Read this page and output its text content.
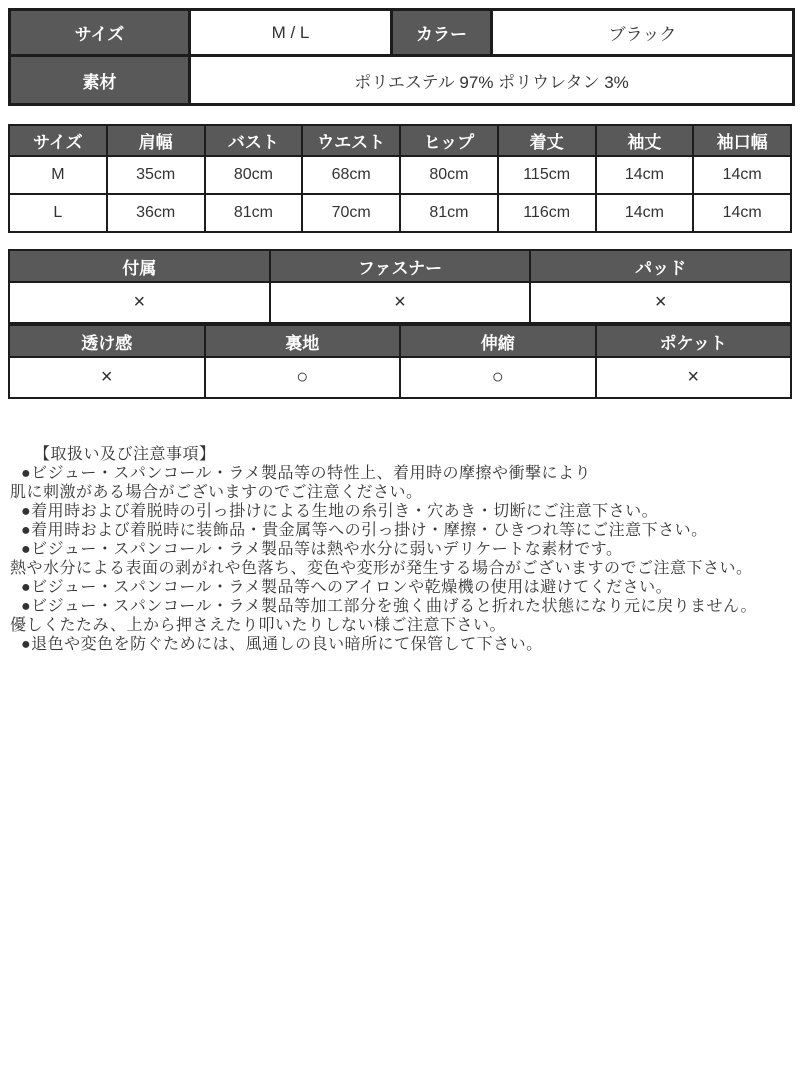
サイズ	M / L	カラー	ブラック
素材	ポリエステル 97% ポリウレタン 3%		
サイズ	肩幅	バスト	ウエスト	ヒップ	着丈	袖丈	袖口幅
M	35cm	80cm	68cm	80cm	115cm	14cm	14cm
L	36cm	81cm	70cm	81cm	116cm	14cm	14cm
付属	ファスナー	パッド
×	×	×
透け感	裏地	伸縮	ポケット
×	○	○	×
【取扱い及び注意事項】
●ビジュー・スパンコール・ラメ製品等の特性上、着用時の摩擦や衝撃により
肌に刺激がある場合がございますのでご注意ください。
●着用時および着脱時の引っ掛けによる生地の糸引き・穴あき・切断にご注意下さい。
●着用時および着脱時に装飾品・貴金属等への引っ掛け・摩擦・ひきつれ等にご注意下さい。
●ビジュー・スパンコール・ラメ製品等は熱や水分に弱いデリケートな素材です。
熱や水分による表面の剥がれや色落ち、変色や変形が発生する場合がございますのでご注意下さい。
●ビジュー・スパンコール・ラメ製品等へのアイロンや乾燥機の使用は避けてください。
●ビジュー・スパンコール・ラメ製品等加工部分を強く曲げると折れた状態になり元に戻りません。
優しくたたみ、上から押さえたり叩いたりしない様ご注意下さい。
●退色や変色を防ぐためには、風通しの良い暗所にて保管して下さい。
